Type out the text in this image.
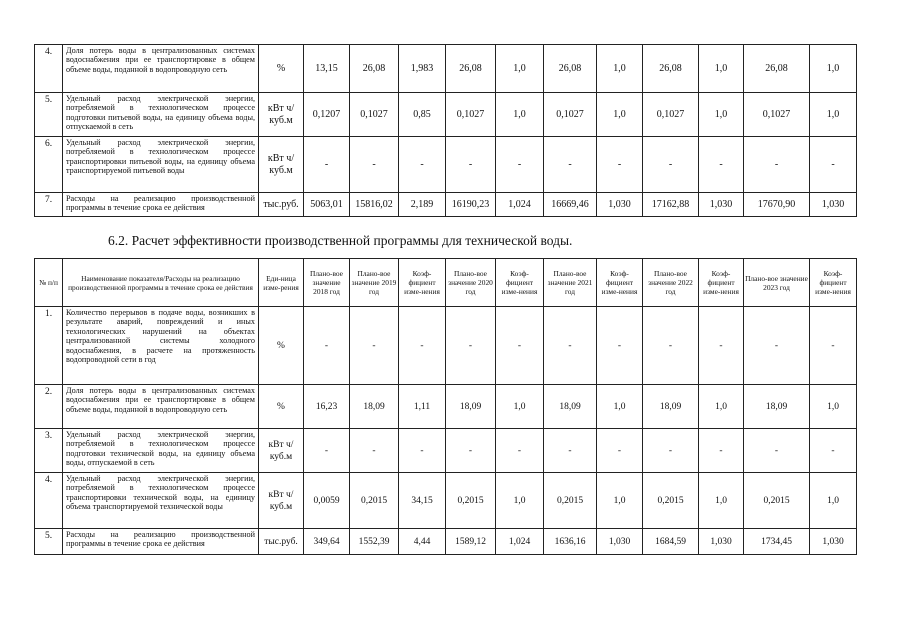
4.	Доля потерь воды в централизованных системах водоснабжения при ее транспортировке в общем объеме воды, поданной в водопроводную сеть	%	13,15	26,08	1,983	26,08	1,0	26,08	1,0	26,08	1,0	26,08	1,0
5.	Удельный расход электрической энергии, потребляемой в технологическом процессе подготовки питьевой воды, на единицу объема воды, отпускаемой в сеть	кВт ч/куб.м	0,1207	0,1027	0,85	0,1027	1,0	0,1027	1,0	0,1027	1,0	0,1027	1,0
6.	Удельный расход электрической энергии, потребляемой в технологическом процессе транспортировки питьевой воды, на единицу объема транспортируемой питьевой воды	кВт ч/куб.м	-	-	-	-	-	-	-	-	-	-	-
7.	Расходы на реализацию производственной программы в течение срока ее действия	тыс.руб.	5063,01	15816,02	2,189	16190,23	1,024	16669,46	1,030	17162,88	1,030	17670,90	1,030
6.2. Расчет эффективности производственной программы для технической воды.
№ п/п	Наименование показателя/Расходы на реализацию производственной программы в течение срока ее действия	Еди-ница изме-рения	Плано-вое значение 2018 год	Плано-вое значение 2019 год	Коэф-фициент изме-нения	Плано-вое значение 2020 год	Коэф-фициент изме-нения	Плано-вое значение 2021 год	Коэф-фициент изме-нения	Плано-вое значение 2022 год	Коэф-фициент изме-нения	Плано-вое значение 2023 год	Коэф-фициент изме-нения
1.	Количество перерывов в подаче воды, возникших в результате аварий, повреждений и иных технологических нарушений на объектах централизованной системы холодного водоснабжения, в расчете на протяженность водопроводной сети в год	%	-	-	-	-	-	-	-	-	-	-	-
2.	Доля потерь воды в централизованных системах водоснабжения при ее транспортировке в общем объеме воды, поданной в водопроводную сеть	%	16,23	18,09	1,11	18,09	1,0	18,09	1,0	18,09	1,0	18,09	1,0
3.	Удельный расход электрической энергии, потребляемой в технологическом процессе подготовки технической воды, на единицу объема воды, отпускаемой в сеть	кВт ч/куб.м	-	-	-	-	-	-	-	-	-	-	-
4.	Удельный расход электрической энергии, потребляемой в технологическом процессе транспортировки технической воды, на единицу объема транспортируемой технической воды	кВт ч/куб.м	0,0059	0,2015	34,15	0,2015	1,0	0,2015	1,0	0,2015	1,0	0,2015	1,0
5.	Расходы на реализацию производственной программы в течение срока ее действия	тыс.руб.	349,64	1552,39	4,44	1589,12	1,024	1636,16	1,030	1684,59	1,030	1734,45	1,030
